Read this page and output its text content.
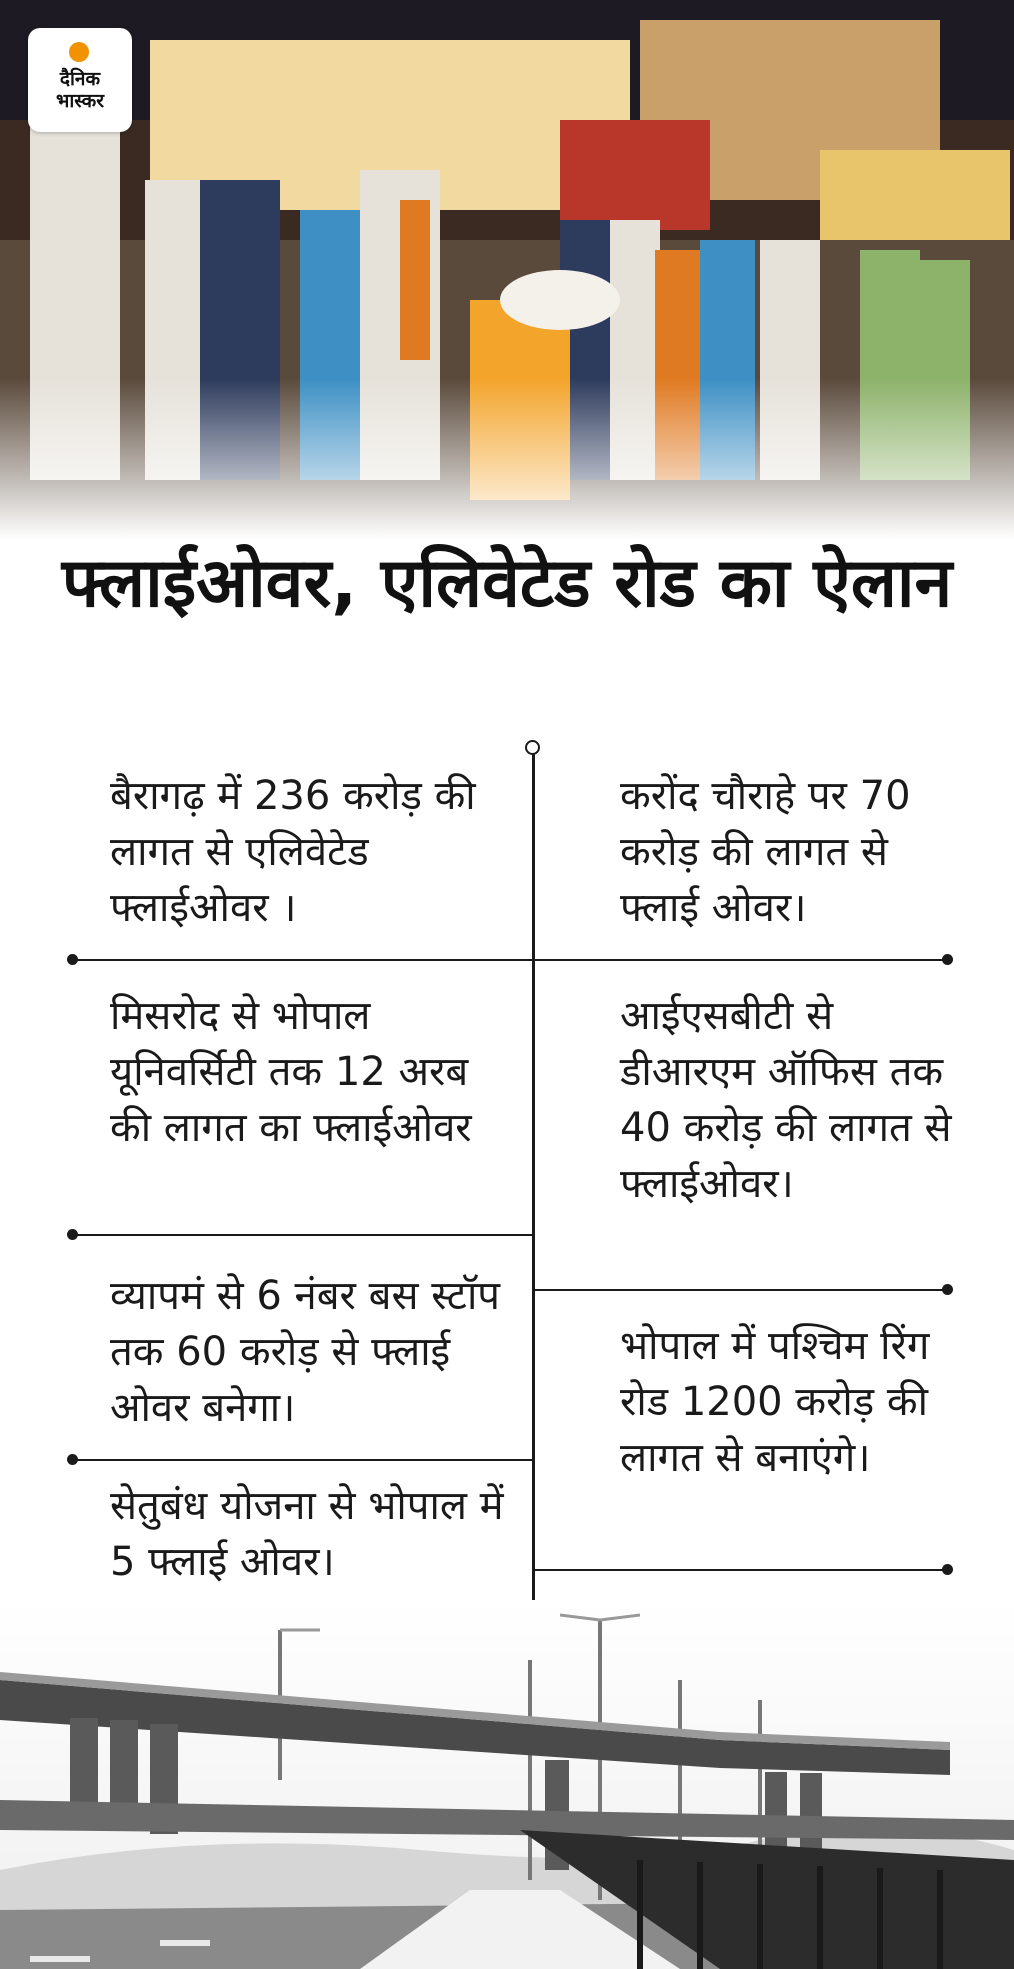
दैनिक
भास्कर
फ्लाईओवर, एलिवेटेड रोड का ऐलान
बैरागढ़ में 236 करोड़ की लागत से एलिवेटेड फ्लाईओवर ।
मिसरोद से भोपाल यूनिवर्सिटी तक 12 अरब की लागत का फ्लाईओवर
व्यापमं से 6 नंबर बस स्टॉप तक 60 करोड़ से फ्लाई ओवर बनेगा।
सेतुबंध योजना से भोपाल में 5 फ्लाई ओवर।
करोंद चौराहे पर 70 करोड़ की लागत से फ्लाई ओवर।
आईएसबीटी से डीआरएम ऑफिस तक 40 करोड़ की लागत से फ्लाईओवर।
भोपाल में पश्चिम रिंग रोड 1200 करोड़ की लागत से बनाएंगे।
